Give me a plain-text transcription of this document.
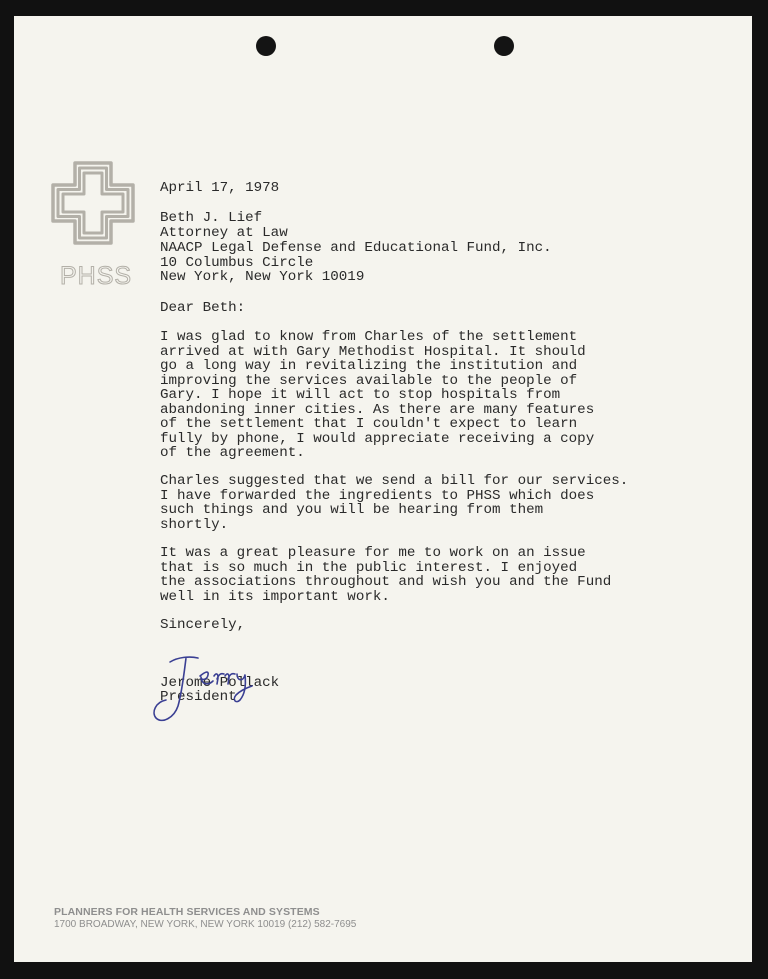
PHSS
April 17, 1978
Beth J. Lief
Attorney at Law
NAACP Legal Defense and Educational Fund, Inc.
10 Columbus Circle
New York, New York 10019
Dear Beth:
I was glad to know from Charles of the settlement
arrived at with Gary Methodist Hospital. It should
go a long way in revitalizing the institution and
improving the services available to the people of
Gary. I hope it will act to stop hospitals from
abandoning inner cities. As there are many features
of the settlement that I couldn't expect to learn
fully by phone, I would appreciate receiving a copy
of the agreement.
Charles suggested that we send a bill for our services.
I have forwarded the ingredients to PHSS which does
such things and you will be hearing from them
shortly.
It was a great pleasure for me to work on an issue
that is so much in the public interest. I enjoyed
the associations throughout and wish you and the Fund
well in its important work.
Sincerely,
Jerome Pollack
President
PLANNERS FOR HEALTH SERVICES AND SYSTEMS
1700 BROADWAY, NEW YORK, NEW YORK 10019 (212) 582-7695
